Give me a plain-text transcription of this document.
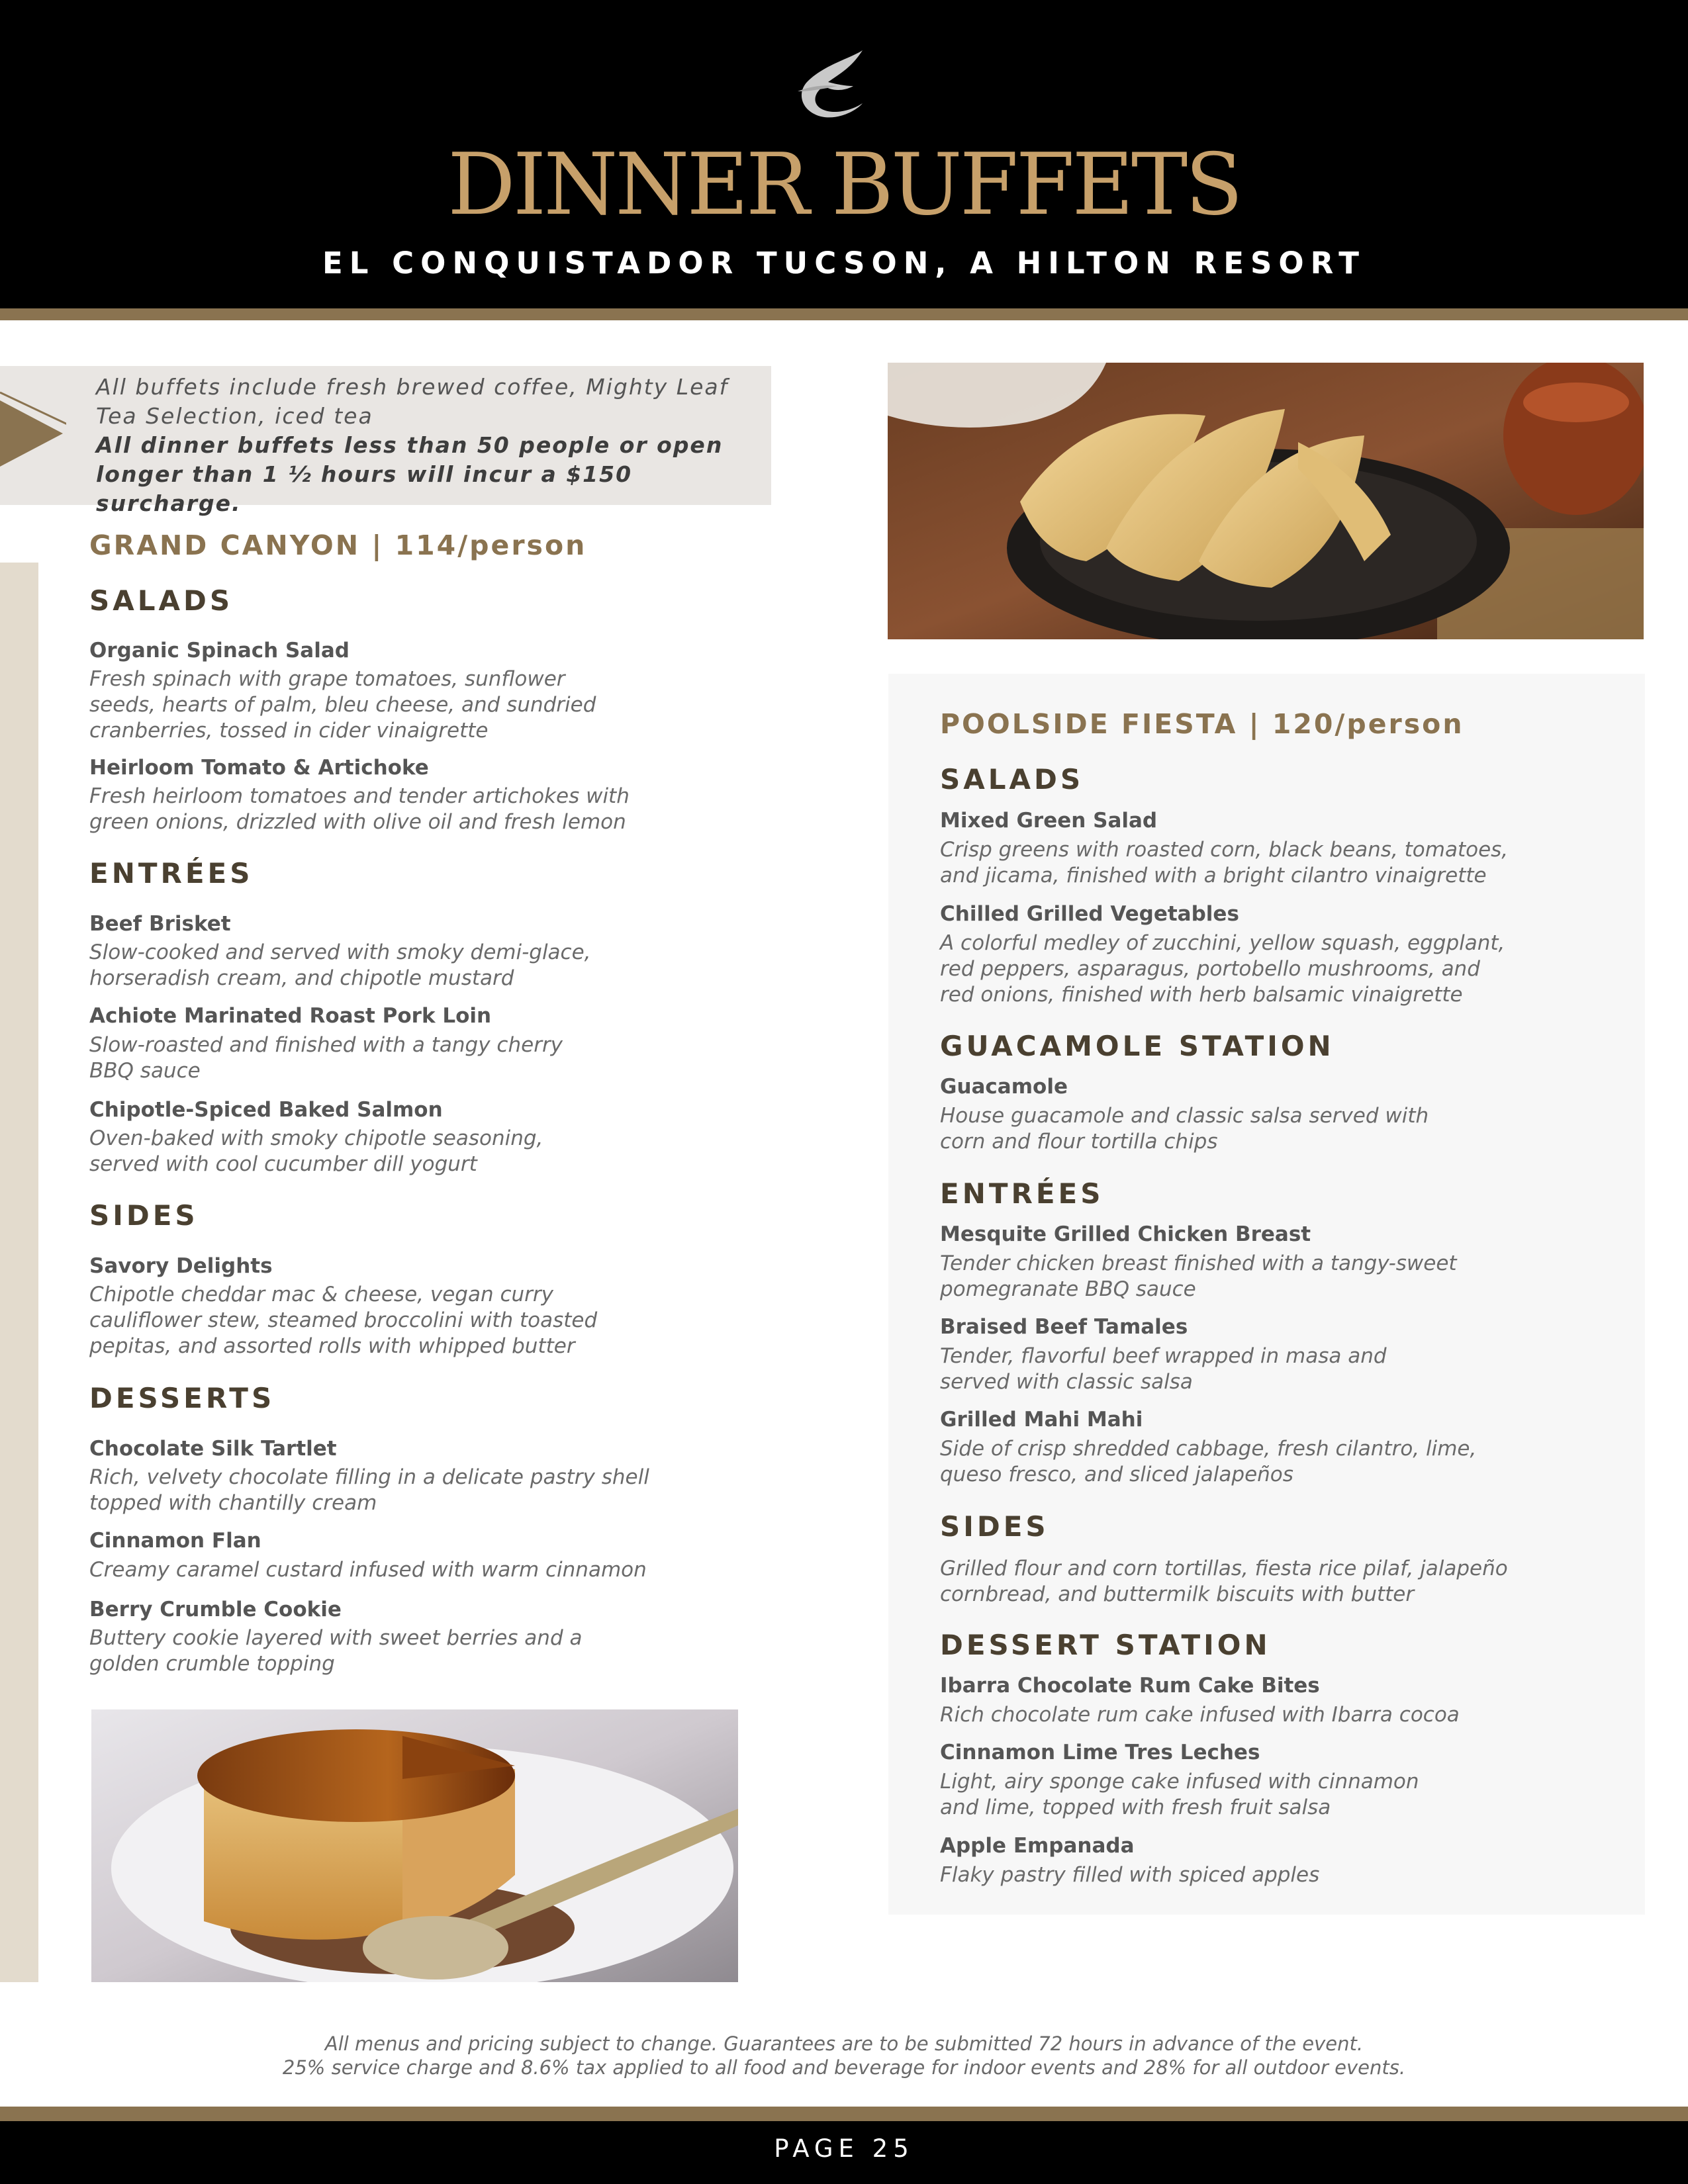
DINNER BUFFETS
EL CONQUISTADOR TUCSON, A HILTON RESORT
All buffets include fresh brewed coffee, Mighty Leaf Tea Selection, iced tea
All dinner buffets less than 50 people or open longer than 1 ½ hours will incur a $150 surcharge.
GRAND CANYON | 114/person
SALADS
Organic Spinach Salad
Fresh spinach with grape tomatoes, sunflower
seeds, hearts of palm, bleu cheese, and sundried
cranberries, tossed in cider vinaigrette
Heirloom Tomato & Artichoke
Fresh heirloom tomatoes and tender artichokes with
green onions, drizzled with olive oil and fresh lemon
ENTRÉES
Beef Brisket
Slow-cooked and served with smoky demi-glace,
horseradish cream, and chipotle mustard
Achiote Marinated Roast Pork Loin
Slow-roasted and finished with a tangy cherry
BBQ sauce
Chipotle-Spiced Baked Salmon
Oven-baked with smoky chipotle seasoning,
served with cool cucumber dill yogurt
SIDES
Savory Delights
Chipotle cheddar mac & cheese, vegan curry
cauliflower stew, steamed broccolini with toasted
pepitas, and assorted rolls with whipped butter
DESSERTS
Chocolate Silk Tartlet
Rich, velvety chocolate filling in a delicate pastry shell
topped with chantilly cream
Cinnamon Flan
Creamy caramel custard infused with warm cinnamon
Berry Crumble Cookie
Buttery cookie layered with sweet berries and a
golden crumble topping
POOLSIDE FIESTA | 120/person
SALADS
Mixed Green Salad
Crisp greens with roasted corn, black beans, tomatoes,
and jicama, finished with a bright cilantro vinaigrette
Chilled Grilled Vegetables
A colorful medley of zucchini, yellow squash, eggplant,
red peppers, asparagus, portobello mushrooms, and
red onions, finished with herb balsamic vinaigrette
GUACAMOLE STATION
Guacamole
House guacamole and classic salsa served with
corn and flour tortilla chips
ENTRÉES
Mesquite Grilled Chicken Breast
Tender chicken breast finished with a tangy-sweet
pomegranate BBQ sauce
Braised Beef Tamales
Tender, flavorful beef wrapped in masa and
served with classic salsa
Grilled Mahi Mahi
Side of crisp shredded cabbage, fresh cilantro, lime,
queso fresco, and sliced jalapeños
SIDES
Grilled flour and corn tortillas, fiesta rice pilaf, jalapeño
cornbread, and buttermilk biscuits with butter
DESSERT STATION
Ibarra Chocolate Rum Cake Bites
Rich chocolate rum cake infused with Ibarra cocoa
Cinnamon Lime Tres Leches
Light, airy sponge cake infused with cinnamon
and lime, topped with fresh fruit salsa
Apple Empanada
Flaky pastry filled with spiced apples
All menus and pricing subject to change. Guarantees are to be submitted 72 hours in advance of the event.
25% service charge and 8.6% tax applied to all food and beverage for indoor events and 28% for all outdoor events.
PAGE 25
